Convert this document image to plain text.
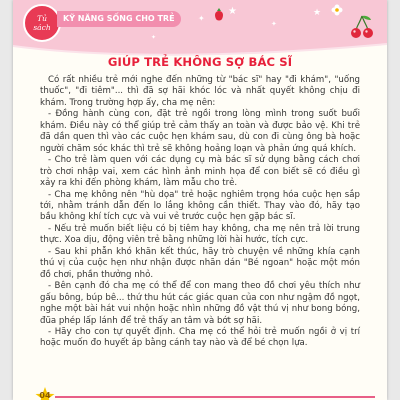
Tủ
sách
KỸ NĂNG SỐNG CHO TRẺ	✦
★
✦
★
✦
GIÚP TRẺ KHÔNG SỢ BÁC SĨ

Có rất nhiều trẻ mới nghe đến những từ "bác sĩ" hay "đi khám", "uống thuốc", "đi tiêm"... thì đã sợ hãi khóc lóc và nhất quyết không chịu đi khám. Trong trường hợp ấy, cha mẹ nên:

- Đồng hành cùng con, đặt trẻ ngồi trong lòng mình trong suốt buổi khám. Điều này có thể giúp trẻ cảm thấy an toàn và được bảo vệ. Khi trẻ đã dần quen thì vào các cuộc hẹn khám sau, dù con đi cùng ông bà hoặc người chăm sóc khác thì trẻ sẽ không hoảng loạn và phản ứng quá khích.

- Cho trẻ làm quen với các dụng cụ mà bác sĩ sử dụng bằng cách chơi trò chơi nhập vai, xem các hình ảnh minh họa để con biết sẽ có điều gì xảy ra khi đến phòng khám, làm mẫu cho trẻ.

- Cha mẹ không nên "hù dọa" trẻ hoặc nghiêm trọng hóa cuộc hẹn sắp tới, nhằm tránh dẫn đến lo lắng không cần thiết. Thay vào đó, hãy tạo bầu không khí tích cực và vui vẻ trước cuộc hẹn gặp bác sĩ.

- Nếu trẻ muốn biết liệu có bị tiêm hay không, cha mẹ nên trả lời trung thực. Xoa dịu, động viên trẻ bằng những lời hài hước, tích cực.

- Sau khi phẫn khó khăn kết thúc, hãy trò chuyện về những khía cạnh thú vị của cuộc hẹn như nhận được nhãn dán "Bé ngoan" hoặc một món đồ chơi, phần thưởng nhỏ.

- Bên cạnh đó cha mẹ có thể để con mang theo đồ chơi yêu thích như gấu bông, búp bê... thứ thu hút các giác quan của con như ngậm đồ ngọt, nghe một bài hát vui nhộn hoặc nhìn những đồ vật thú vị như bong bóng, đũa phép lấp lánh để trẻ thấy an tâm và bớt sợ hãi.

- Hãy cho con tự quyết định. Cha mẹ có thể hỏi trẻ muốn ngồi ở vị trí hoặc muốn đo huyết áp bằng cánh tay nào và để bé chọn lựa.

04
